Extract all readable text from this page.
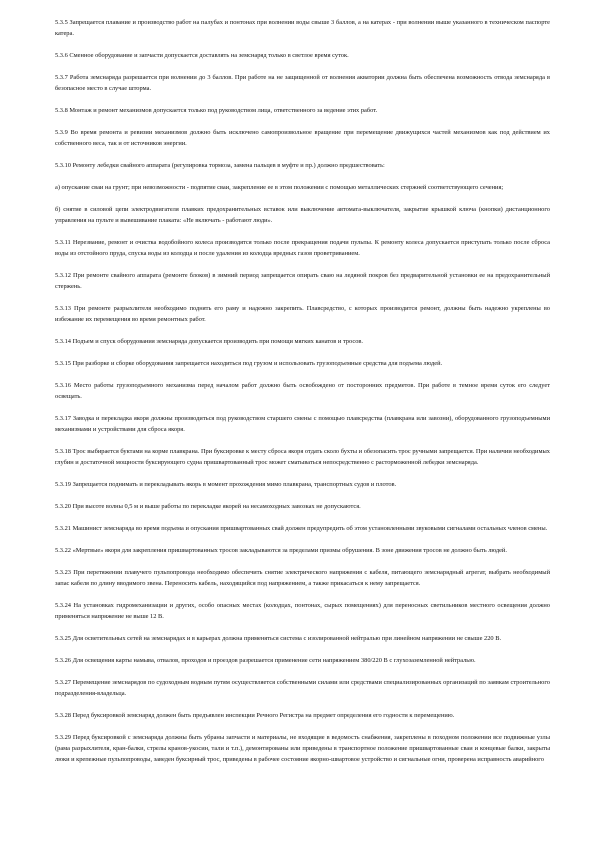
5.3.5 Запрещается плавание и производство работ на палубах и понтонах при волнении воды свыше 3 баллов, а на катерах - при волнении выше указанного в техническом паспорте катера.

5.3.6 Сменное оборудование и запчасти допускается доставлять на земснаряд только в светлое время суток.

5.3.7 Работа земснаряда разрешается при волнении до 3 баллов. При работе на не защищенной от волнения акватории должна быть обеспечена возможность отвода земснаряда в безопасное место в случае шторма.

5.3.8 Монтаж и ремонт механизмов допускается только под руководством лица, ответственного за ведение этих работ.

5.3.9 Во время ремонта и ревизии механизмов должно быть исключено самопроизвольное вращение при перемещение движущихся частей механизмов как под действием их собственного веса, так и от источников энергии.

5.3.10 Ремонту лебедки свайного аппарата (регулировка тормоза, замена пальцев в муфте и пр.) должно предшествовать:

а) опускание сваи на грунт; при невозможности - подпятие сваи, закрепление ее в этом положении с помощью металлических стержней соответствующего сечения;

б) снятие в силовой цепи электродвигателя плавких предохранительных вставок или выключение автомата-выключателя, закрытие крышкой ключа (кнопки) дистанционного управления на пульте и вывешивание плаката: «Не включать - работают люди».

5.3.11 Нерезвание, ремонт и очистка водобойного колеса производятся только после прекращения подачи пульпы. К ремонту колеса допускается приступать только после сброса воды из отстойного пруда, спуска воды из колодца и после удаления из колодца вредных газов проветриванием.

5.3.12 При ремонте свайного аппарата (ремонте блоков) в зимний период запрещается опирать сваю на ледяной покров без предварительной установки ее на предохранительный стержень.

5.3.13 При ремонте разрыхлителя необходимо поднять его раму и надежно закрепить. Плавсредство, с которых производится ремонт, должны быть надежно укреплены во избежание их перемещения во время ремонтных работ.

5.3.14 Подъем и спуск оборудования земснаряда допускается производить при помощи мягких канатов и тросов.

5.3.15 При разборке и сборке оборудования запрещается находиться под грузом и использовать грузоподъемные средства для подъема людей.

5.3.16 Место работы грузоподъемного механизма перед началом работ должно быть освобождено от посторонних предметов. При работе в темное время суток его следует освещать.

5.3.17 Заводка и перекладка якоря должны производиться под руководством старшего смены с помощью плавсредства (плавкрана или завозни), оборудованного грузоподъемными механизмами и устройствами для сброса якоря.

5.3.18 Трос выбирается буктами на корме плавкрана. При буксировке к месту сброса якоря отдать сколо бухты и обезопасить трос ручными запрещается. При наличии необходимых глубин и достаточной мощности буксирующего судна пришвартованный трос может сматываться непосредственно с расторможенной лебедки земснаряда.

5.3.19 Запрещается поднимать и перекладывать якорь в момент прохождения мимо плавкрана, транспортных судов и плотов.

5.3.20 При высоте волны 0,5 м и выше работы по перекладке якорей на несамоходных завозках не допускаются.

5.3.21 Машинист земснаряда во время подъема и опускания пришвартованных свай должен предупредить об этом установленными звуковыми сигналами остальных членов смены.

5.3.22 «Мертвые» якоря для закрепления пришвартованных тросов закладываются за пределами призмы обрушения. В зоне движения тросов не должно быть людей.

5.3.23 При перетяжении плавучего пульпопровода необходимо обеспечить снятие электрического напряжения с кабеля, питающего земснарядный агрегат, выбрать необходимый запас кабеля по длину вводимого звена. Переносить кабель, находящийся под напряжением, а также прикасаться к нему запрещается.

5.3.24 На установках гидромеханизации и других, особо опасных местах (колодцах, понтонах, сырых помещениях) для переносных светильников местного освещения должно применяться напряжение не выше 12 В.

5.3.25 Для осветительных сетей на земснарядах и в карьерах должна применяться система с изолированной нейтралью при линейном напряжении не свыше 220 В.

5.3.26 Для освещения карты намыва, отвалов, проходов и проездов разрешается применение сети напряжением 380/220 В с глухозаземленной нейтралью.

5.3.27 Перемещение земснарядов по судоходным водным путям осуществляется собственными силами или средствами специализированных организаций по заявкам строительного подразделения-владельца.

5.3.28 Перед буксировкой земснаряд должен быть предъявлен инспекции Речного Регистра на предмет определения его годности к перемещению.

5.3.29 Перед буксировкой с земснаряда должны быть убраны запчасти и материалы, не входящие в ведомость снабжения, закреплены в походном положении все подвижные узлы (рама разрыхлителя, кран-балки, стрелы кранов-укосин, тали и т.п.), демонтированы или приведены в транспортное положение пришвартованные сваи и концевые балки, закрыты люки и крепежные пульпопроводы, заведен буксирный трос, приведены в рабочее состояние якорно-швартовое устройство и сигнальные огни, проверена исправность аварийного
